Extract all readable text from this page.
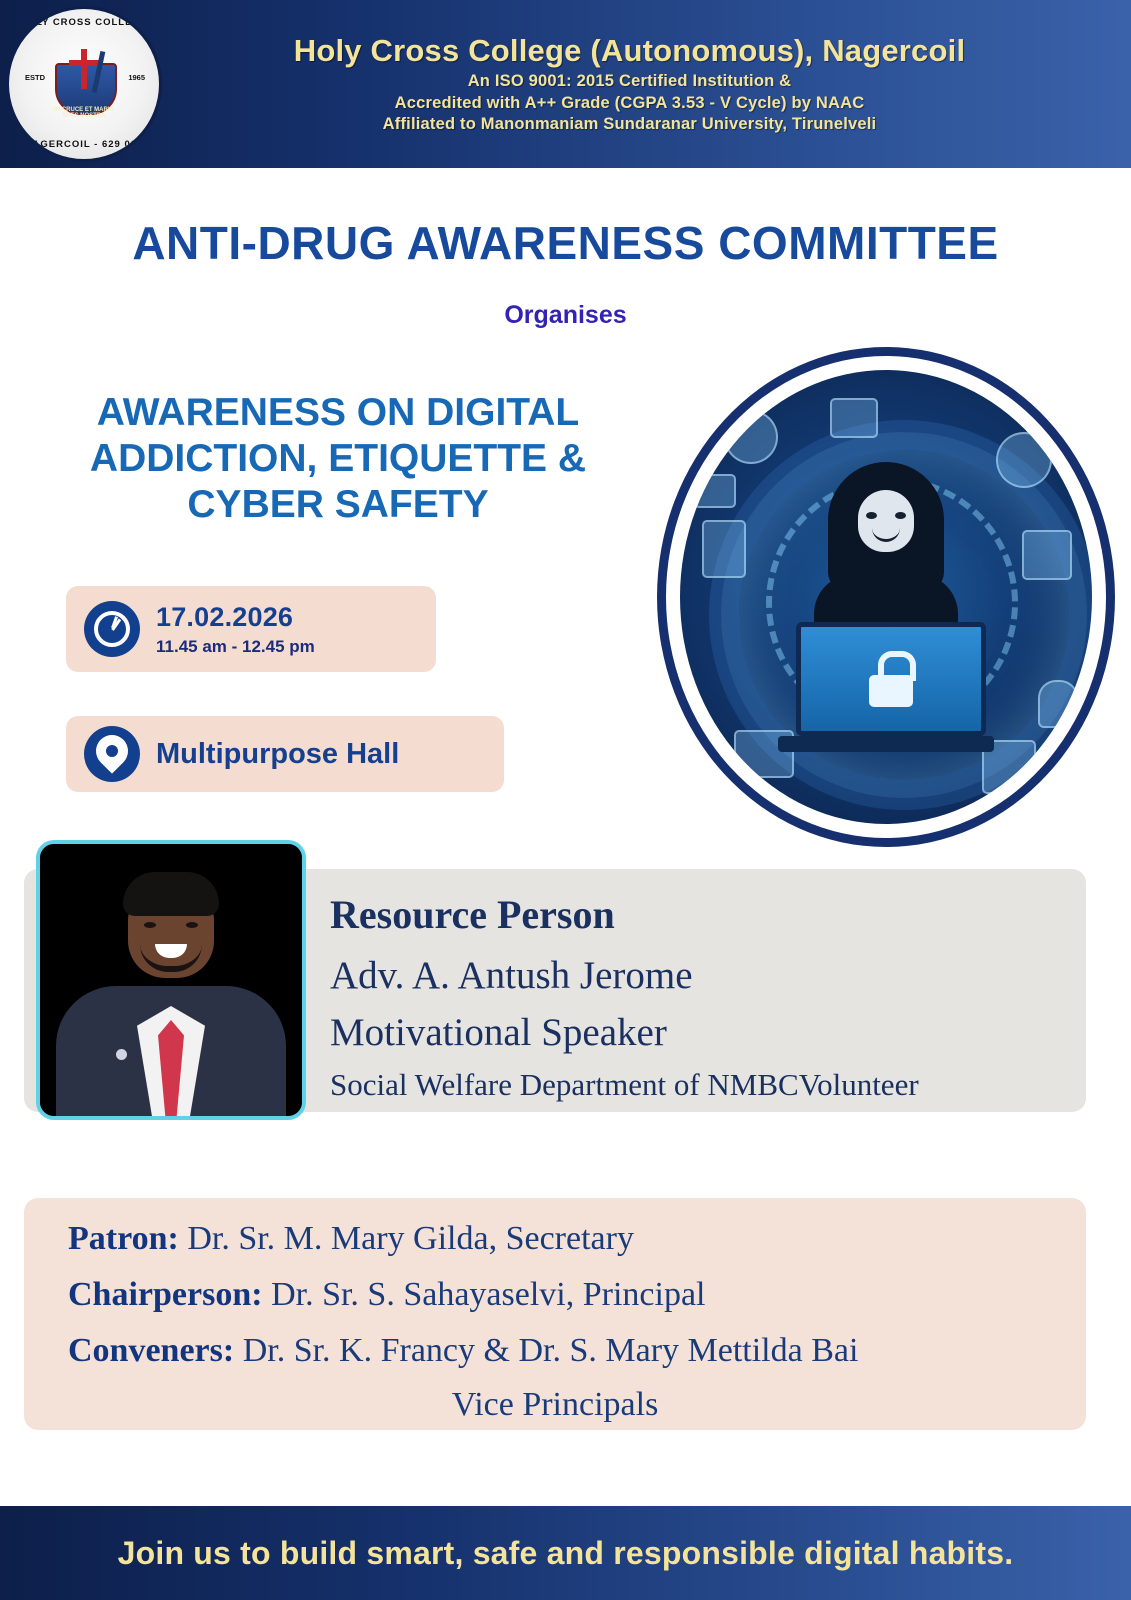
HOLY CROSS COLLEGE
NAGERCOIL - 629 004
ESTD	1965
IN CRUCE ET MARIA SPES NOSTRA
Holy Cross College (Autonomous), Nagercoil
An ISO 9001: 2015 Certified Institution &
Accredited with A++ Grade (CGPA 3.53 - V Cycle) by NAAC
Affiliated to Manonmaniam Sundaranar University, Tirunelveli
ANTI-DRUG AWARENESS COMMITTEE
Organises
AWARENESS ON DIGITAL ADDICTION, ETIQUETTE & CYBER SAFETY
17.02.2026
11.45 am - 12.45 pm
Multipurpose Hall
Resource Person
Adv. A. Antush Jerome
Motivational Speaker
Social Welfare Department of NMBCVolunteer
Patron: Dr. Sr. M. Mary Gilda, Secretary
Chairperson: Dr. Sr. S. Sahayaselvi, Principal
Conveners: Dr. Sr. K. Francy & Dr. S. Mary Mettilda Bai
Vice Principals
Join us to build smart, safe and responsible digital habits.
